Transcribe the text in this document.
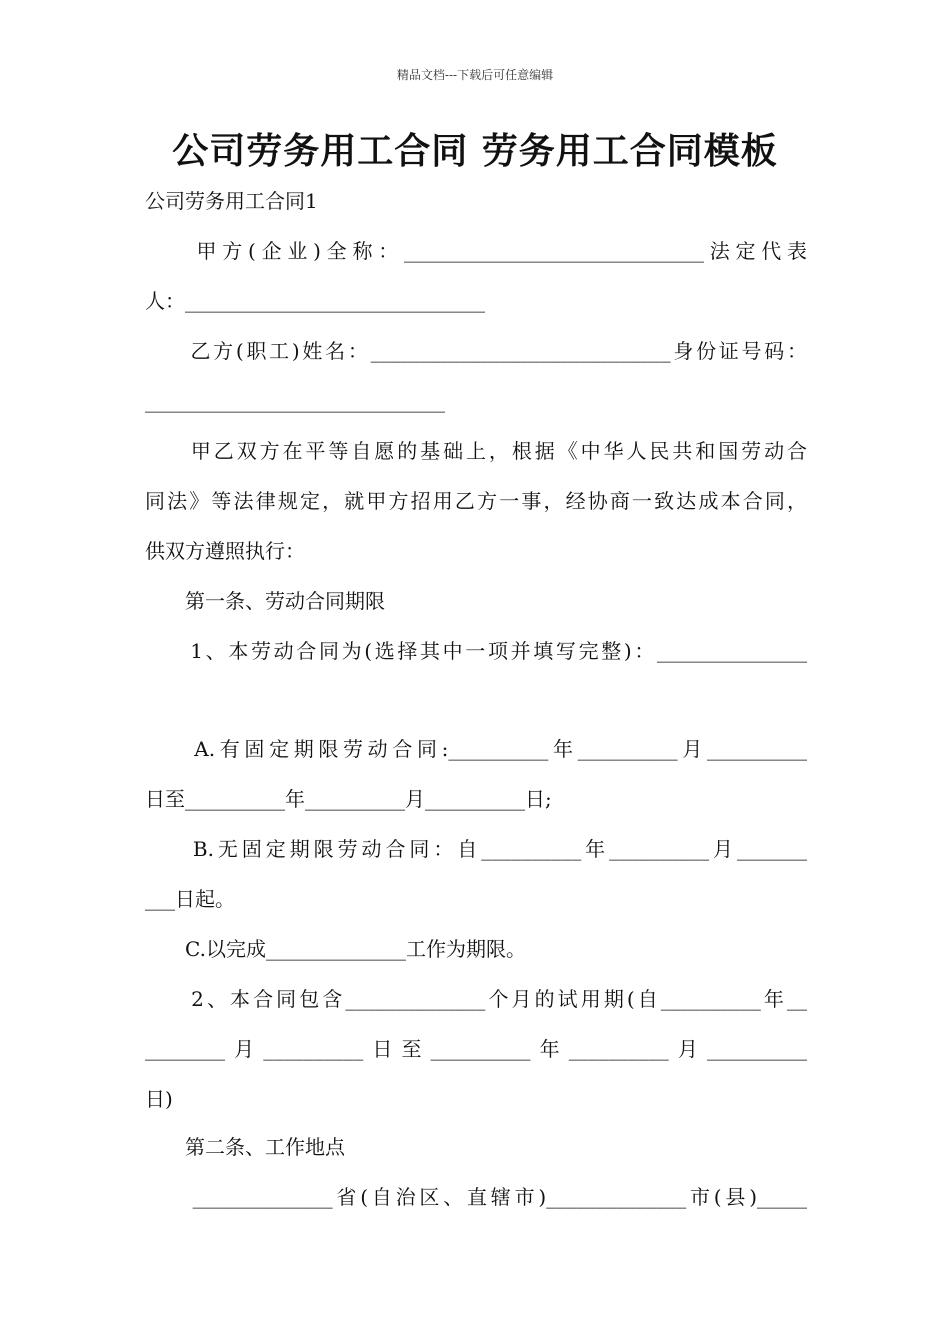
精品文档---下载后可任意编辑
公司劳务用工合同 劳务用工合同模板
公司劳务用工合同1
　　甲方(企业)全称：______________________________法定代表
人：______________________________
　　乙方(职工)姓名：______________________________身份证号码：
______________________________
　　甲乙双方在平等自愿的基础上，根据《中华人民共和国劳动合
同法》等法律规定，就甲方招用乙方一事，经协商一致达成本合同，
供双方遵照执行：
　　第一条、劳动合同期限
　　1、本劳动合同为(选择其中一项并填写完整)：_______________
　　A.有固定期限劳动合同:__________年__________月__________
日至__________年__________月__________日;
　　B.无固定期限劳动合同：自__________年__________月_______
___日起。
　　C.以完成______________工作为期限。
　　2、本合同包含______________个月的试用期(自__________年__
________月__________日至__________年__________月__________
日)
　　第二条、工作地点
　　______________省(自治区、直辖市)______________市(县)_____
